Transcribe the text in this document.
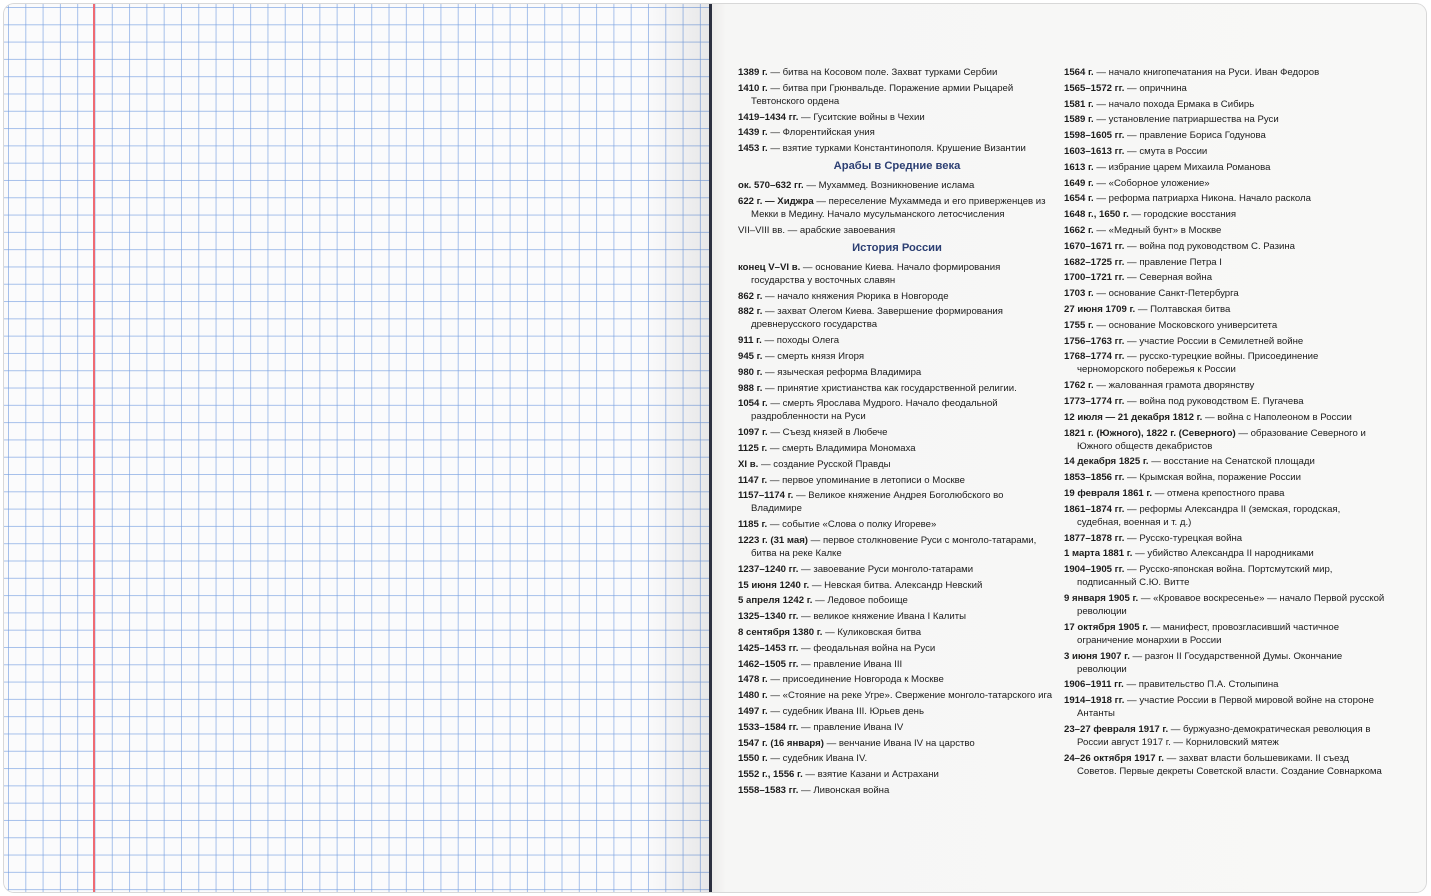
1389 г. — битва на Косовом поле. Захват турками Сербии
1410 г. — битва при Грюнвальде. Поражение армии Рыцарей Тевтонского ордена
1419–1434 гг. — Гуситские войны в Чехии
1439 г. — Флорентийская уния
1453 г. — взятие турками Константинополя. Крушение Византии
Арабы в Средние века
ок. 570–632 гг. — Мухаммед. Возникновение ислама
622 г. — Хиджра — переселение Мухаммеда и его приверженцев из Мекки в Медину. Начало мусульманского летосчисления
VII–VIII вв. — арабские завоевания
История России
конец V–VI в. — основание Киева. Начало формирования государства у восточных славян
862 г. — начало княжения Рюрика в Новгороде
882 г. — захват Олегом Киева. Завершение формирования древнерусского государства
911 г. — походы Олега
945 г. — смерть князя Игоря
980 г. — языческая реформа Владимира
988 г. — принятие христианства как государственной религии.
1054 г. — смерть Ярослава Мудрого. Начало феодальной раздробленности на Руси
1097 г. — Съезд князей в Любече
1125 г. — смерть Владимира Мономаха
XI в. — создание Русской Правды
1147 г. — первое упоминание в летописи о Москве
1157–1174 г. — Великое княжение Андрея Боголюбского во Владимире
1185 г. — событие «Слова о полку Игореве»
1223 г. (31 мая) — первое столкновение Руси с монголо-татарами, битва на реке Калке
1237–1240 гг. — завоевание Руси монголо-татарами
15 июня 1240 г. — Невская битва. Александр Невский
5 апреля 1242 г. — Ледовое побоище
1325–1340 гг. — великое княжение Ивана I Калиты
8 сентября 1380 г. — Куликовская битва
1425–1453 гг. — феодальная война на Руси
1462–1505 гг. — правление Ивана III
1478 г. — присоединение Новгорода к Москве
1480 г. — «Стояние на реке Угре». Свержение монголо-татарского ига
1497 г. — судебник Ивана III. Юрьев день
1533–1584 гг. — правление Ивана IV
1547 г. (16 января) — венчание Ивана IV на царство
1550 г. — судебник Ивана IV.
1552 г., 1556 г. — взятие Казани и Астрахани
1558–1583 гг. — Ливонская война
1564 г. — начало книгопечатания на Руси. Иван Федоров
1565–1572 гг. — опричнина
1581 г. — начало похода Ермака в Сибирь
1589 г. — установление патриаршества на Руси
1598–1605 гг. — правление Бориса Годунова
1603–1613 гг. — смута в России
1613 г. — избрание царем Михаила Романова
1649 г. — «Соборное уложение»
1654 г. — реформа патриарха Никона. Начало раскола
1648 г., 1650 г. — городские восстания
1662 г. — «Медный бунт» в Москве
1670–1671 гг. — война под руководством С. Разина
1682–1725 гг. — правление Петра I
1700–1721 гг. — Северная война
1703 г. — основание Санкт-Петербурга
27 июня 1709 г. — Полтавская битва
1755 г. — основание Московского университета
1756–1763 гг. — участие России в Семилетней войне
1768–1774 гг. — русско-турецкие войны. Присоединение черноморского побережья к России
1762 г. — жалованная грамота дворянству
1773–1774 гг. — война под руководством Е. Пугачева
12 июля — 21 декабря 1812 г. — война с Наполеоном в России
1821 г. (Южного), 1822 г. (Северного) — образование Северного и Южного обществ декабристов
14 декабря 1825 г. — восстание на Сенатской площади
1853–1856 гг. — Крымская война, поражение России
19 февраля 1861 г. — отмена крепостного права
1861–1874 гг. — реформы Александра II (земская, городская, судебная, военная и т. д.)
1877–1878 гг. — Русско-турецкая война
1 марта 1881 г. — убийство Александра II народниками
1904–1905 гг. — Русско-японская война. Портсмутский мир, подписанный С.Ю. Витте
9 января 1905 г. — «Кровавое воскресенье» — начало Первой русской революции
17 октября 1905 г. — манифест, провозгласивший частичное ограничение монархии в России
3 июня 1907 г. — разгон II Государственной Думы. Окончание революции
1906–1911 гг. — правительство П.А. Столыпина
1914–1918 гг. — участие России в Первой мировой войне на стороне Антанты
23–27 февраля 1917 г. — буржуазно-демократическая революция в России август 1917 г. — Корниловский мятеж
24–26 октября 1917 г. — захват власти большевиками. II съезд Советов. Первые декреты Советской власти. Создание Совнаркома
